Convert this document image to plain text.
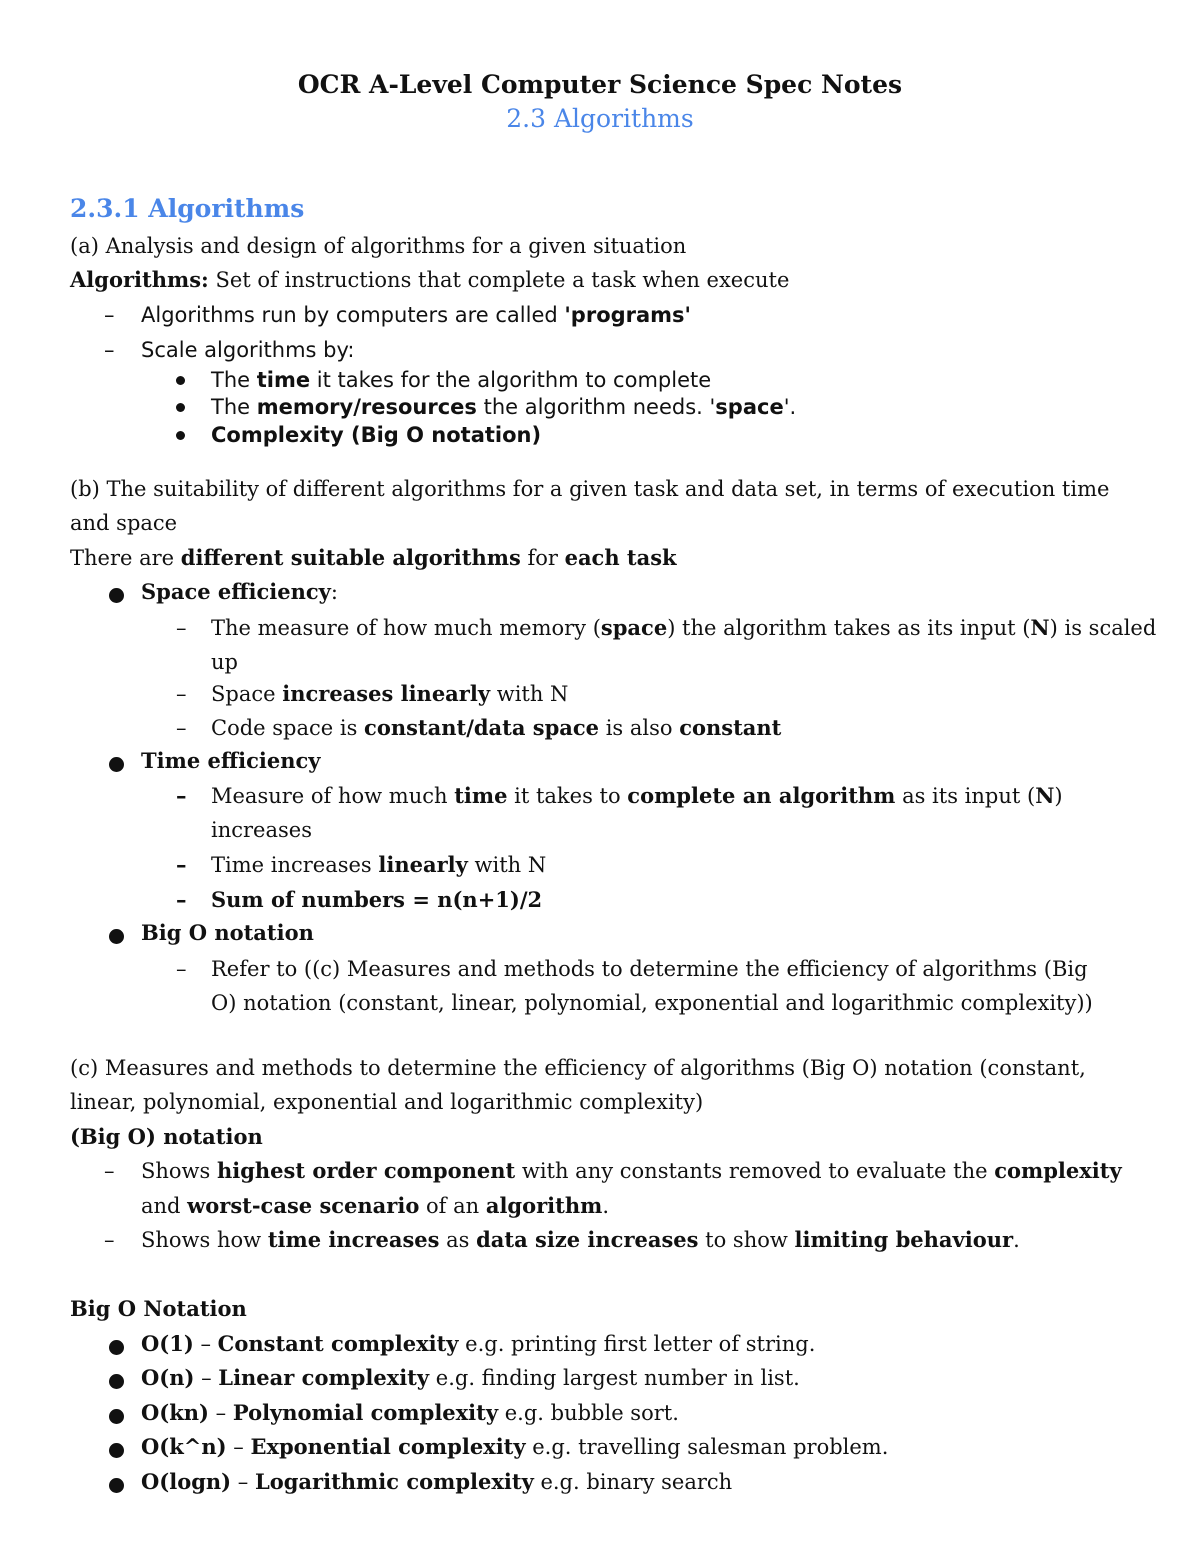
OCR A-Level Computer Science Spec Notes
2.3 Algorithms
2.3.1 Algorithms
(a) Analysis and design of algorithms for a given situation
Algorithms: Set of instructions that complete a task when execute
– Algorithms run by computers are called 'programs'
– Scale algorithms by:
The time it takes for the algorithm to complete
The memory/resources the algorithm needs. 'space'.
Complexity (Big O notation)
(b) The suitability of different algorithms for a given task and data set, in terms of execution time
and space
There are different suitable algorithms for each task
Space efficiency:
– The measure of how much memory (space) the algorithm takes as its input (N) is scaled
up
– Space increases linearly with N
– Code space is constant/data space is also constant
Time efficiency
– Measure of how much time it takes to complete an algorithm as its input (N)
increases
– Time increases linearly with N
– Sum of numbers = n(n+1)/2
Big O notation
– Refer to ((c) Measures and methods to determine the efficiency of algorithms (Big
O) notation (constant, linear, polynomial, exponential and logarithmic complexity))
(c) Measures and methods to determine the efficiency of algorithms (Big O) notation (constant,
linear, polynomial, exponential and logarithmic complexity)
(Big O) notation
– Shows highest order component with any constants removed to evaluate the complexity
and worst-case scenario of an algorithm.
– Shows how time increases as data size increases to show limiting behaviour.
Big O Notation
O(1) – Constant complexity e.g. printing first letter of string.
O(n) – Linear complexity e.g. finding largest number in list.
O(kn) – Polynomial complexity e.g. bubble sort.
O(k^n) – Exponential complexity e.g. travelling salesman problem.
O(logn) – Logarithmic complexity e.g. binary search
